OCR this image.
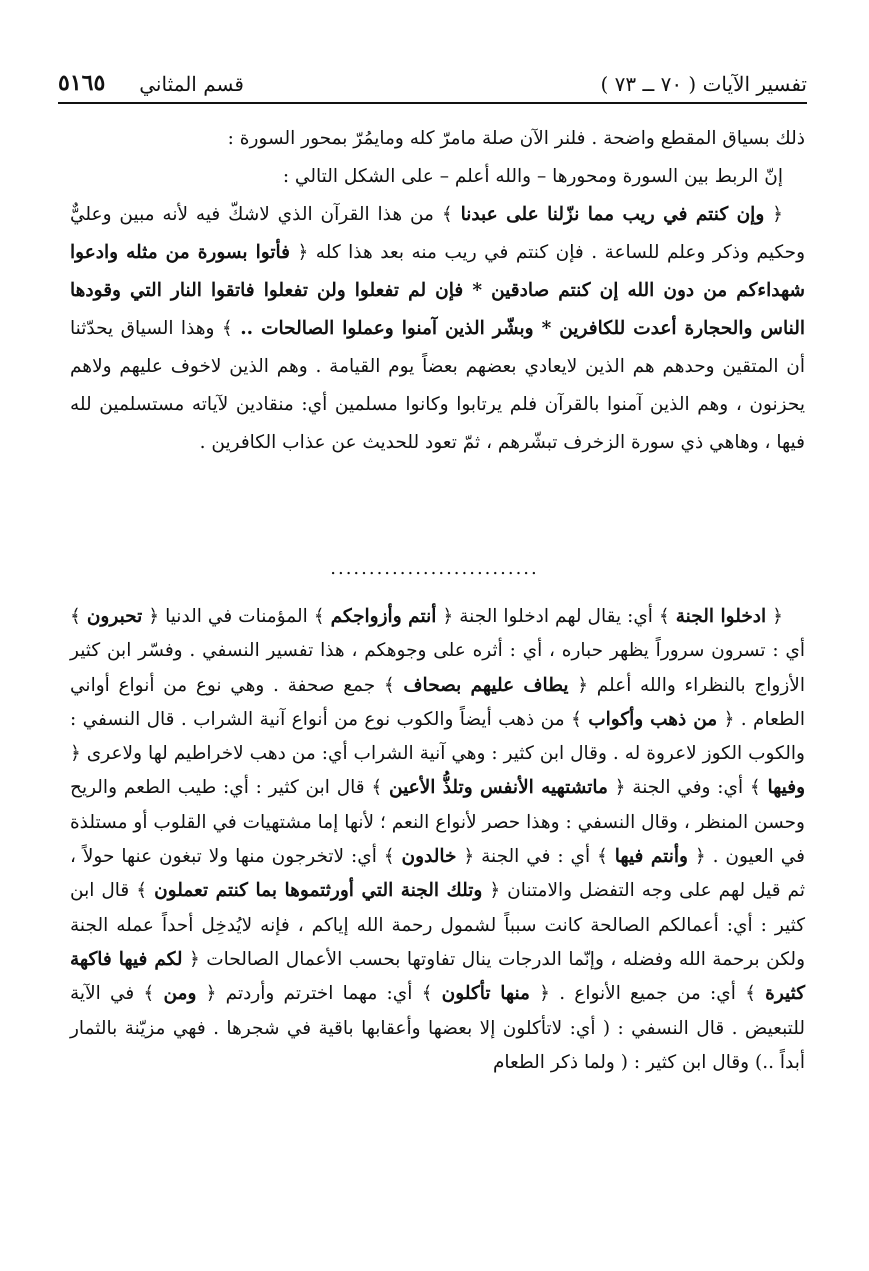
تفسير الآيات ( ٧٠ ــ ٧٣ )
قسم المثاني
٥١٦٥

ذلك بسياق المقطع واضحة . فلنر الآن صلة مامرّ كله ومايمُرّ بمحور السورة :

إنّ الربط بين السورة ومحورها – والله أعلم – على الشكل التالي :

﴿ وإن كنتم في ريب مما نزّلنا على عبدنا ﴾ من هذا القرآن الذي لاشكّ فيه لأنه مبين وعليٌّ وحكيم وذكر وعلم للساعة . فإن كنتم في ريب منه بعد هذا كله ﴿ فأتوا بسورة من مثله وادعوا شهداءكم من دون الله إن كنتم صادقين * فإن لم تفعلوا ولن تفعلوا فاتقوا النار التي وقودها الناس والحجارة أعدت للكافرين * وبشّر الذين آمنوا وعملوا الصالحات .. ﴾ وهذا السياق يحدّثنا أن المتقين وحدهم هم الذين لايعادي بعضهم بعضاً يوم القيامة . وهم الذين لاخوف عليهم ولاهم يحزنون ، وهم الذين آمنوا بالقرآن فلم يرتابوا وكانوا مسلمين أي: منقادين لآياته مستسلمين لله فيها ، وهاهي ذي سورة الزخرف تبشّرهم ، ثمّ تعود للحديث عن عذاب الكافرين .

...........................

﴿ ادخلوا الجنة ﴾ أي: يقال لهم ادخلوا الجنة ﴿ أنتم وأزواجكم ﴾ المؤمنات في الدنيا ﴿ تحبرون ﴾ أي : تسرون سروراً يظهر حباره ، أي : أثره على وجوهكم ، هذا تفسير النسفي . وفسّر ابن كثير الأزواج بالنظراء والله أعلم ﴿ يطاف عليهم بصحاف ﴾ جمع صحفة . وهي نوع من أنواع أواني الطعام . ﴿ من ذهب وأكواب ﴾ من ذهب أيضاً والكوب نوع من أنواع آنية الشراب . قال النسفي : والكوب الكوز لاعروة له . وقال ابن كثير : وهي آنية الشراب أي: من دهب لاخراطيم لها ولاعرى ﴿ وفيها ﴾ أي: وفي الجنة ﴿ ماتشتهيه الأنفس وتلذُّ الأعين ﴾ قال ابن كثير : أي: طيب الطعم والريح وحسن المنظر ، وقال النسفي : وهذا حصر لأنواع النعم ؛ لأنها إما مشتهيات في القلوب أو مستلذة في العيون . ﴿ وأنتم فيها ﴾ أي : في الجنة ﴿ خالدون ﴾ أي: لاتخرجون منها ولا تبغون عنها حولاً ، ثم قيل لهم على وجه التفضل والامتنان ﴿ وتلك الجنة التي أورثتموها بما كنتم تعملون ﴾ قال ابن كثير : أي: أعمالكم الصالحة كانت سبباً لشمول رحمة الله إياكم ، فإنه لايُدخِل أحداً عمله الجنة ولكن برحمة الله وفضله ، وإنّما الدرجات ينال تفاوتها بحسب الأعمال الصالحات ﴿ لكم فيها فاكهة كثيرة ﴾ أي: من جميع الأنواع . ﴿ منها تأكلون ﴾ أي: مهما اخترتم وأردتم ﴿ ومن ﴾ في الآية للتبعيض . قال النسفي : ( أي: لاتأكلون إلا بعضها وأعقابها باقية في شجرها . فهي مزيّنة بالثمار أبداً ..) وقال ابن كثير : ( ولما ذكر الطعام
